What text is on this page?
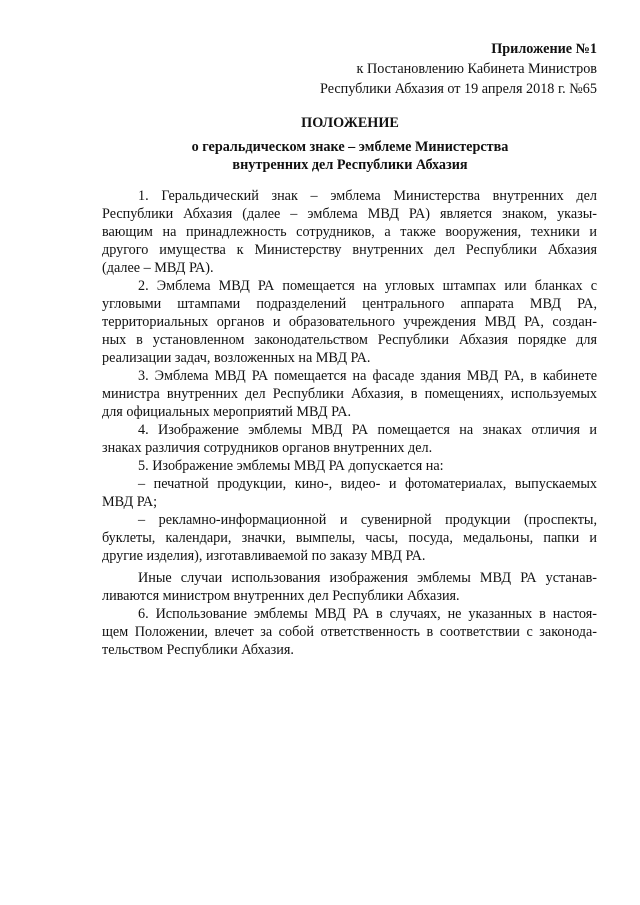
Приложение №1

к Постановлению Кабинета Министров

Республики Абхазия от 19 апреля 2018 г. №65

ПОЛОЖЕНИЕ

о геральдическом знаке – эмблеме Министерства

внутренних дел Республики Абхазия

1. Геральдический знак – эмблема Министерства внутренних дел

Республики Абхазия (далее – эмблема МВД РА) является знаком, указы-

вающим на принадлежность сотрудников, а также вооружения, техники и

другого имущества к Министерству внутренних дел Республики Абхазия

(далее – МВД РА).

2. Эмблема МВД РА помещается на угловых штампах или бланках с

угловыми штампами подразделений центрального аппарата МВД РА,

территориальных органов и образовательного учреждения МВД РА, создан-

ных в установленном законодательством Республики Абхазия порядке для

реализации задач, возложенных на МВД РА.

3. Эмблема МВД РА помещается на фасаде здания МВД РА, в кабинете

министра внутренних дел Республики Абхазия, в помещениях, используемых

для официальных мероприятий МВД РА.

4. Изображение эмблемы МВД РА помещается на знаках отличия и

знаках различия сотрудников органов внутренних дел.

5. Изображение эмблемы МВД РА допускается на:

– печатной продукции, кино-, видео- и фотоматериалах, выпускаемых

МВД РА;

– рекламно-информационной и сувенирной продукции (проспекты,

буклеты, календари, значки, вымпелы, часы, посуда, медальоны, папки и

другие изделия), изготавливаемой по заказу МВД РА.

Иные случаи использования изображения эмблемы МВД РА устанав-

ливаются министром внутренних дел Республики Абхазия.

6. Использование эмблемы МВД РА в случаях, не указанных в настоя-

щем Положении, влечет за собой ответственность в соответствии с законода-

тельством Республики Абхазия.
